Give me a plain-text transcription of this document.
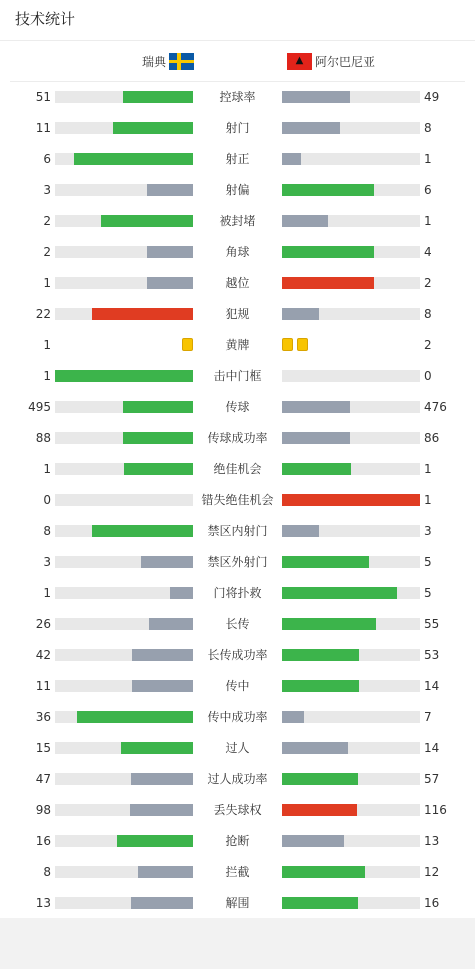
技术统计
瑞典	▲ 阿尔巴尼亚
51	控球率	49
11	射门	8
6	射正	1
3	射偏	6
2	被封堵	1
2	角球	4
1	越位	2
22	犯规	8
1	黄牌	2
1	击中门框	0
495	传球	476
88	传球成功率	86
1	绝佳机会	1
0	错失绝佳机会	1
8	禁区内射门	3
3	禁区外射门	5
1	门将扑救	5
26	长传	55
42	长传成功率	53
11	传中	14
36	传中成功率	7
15	过人	14
47	过人成功率	57
98	丢失球权	116
16	抢断	13
8	拦截	12
13	解围	16
